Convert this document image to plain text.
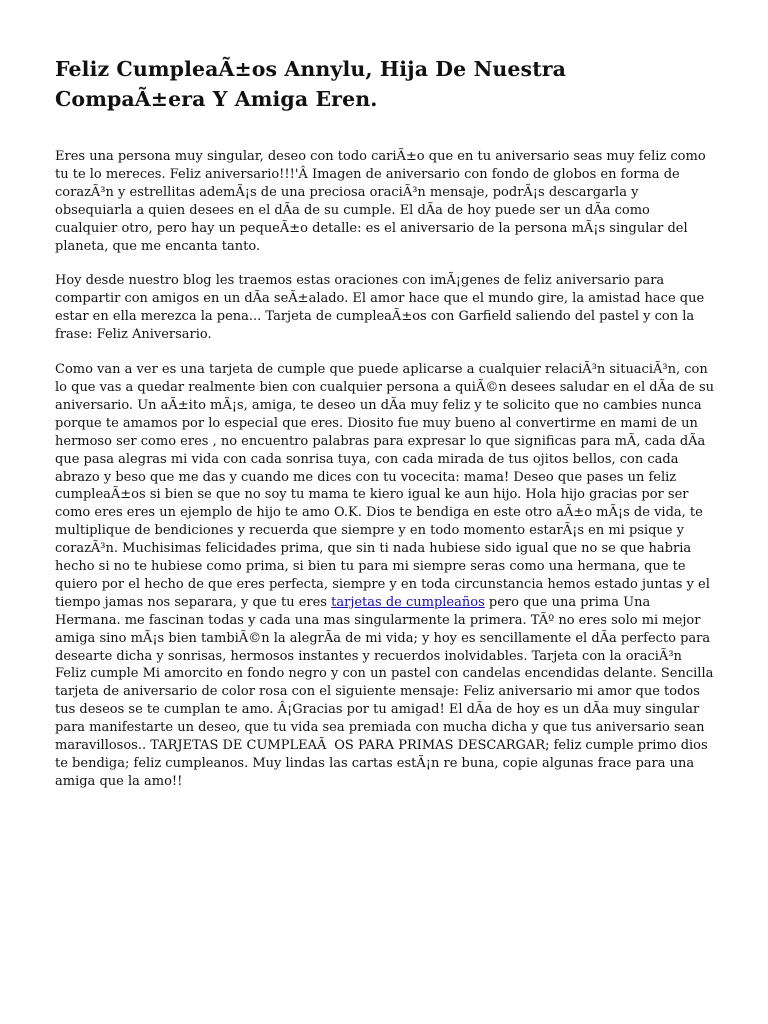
Feliz CumpleaÃ±os Annylu, Hija De Nuestra CompaÃ±era Y Amiga Eren.

Eres una persona muy singular, deseo con todo cariÃ±o que en tu aniversario seas muy feliz como tu te lo mereces. Feliz aniversario!!!'Â Imagen de aniversario con fondo de globos en forma de corazÃ³n y estrellitas ademÃ¡s de una preciosa oraciÃ³n mensaje, podrÃ¡s descargarla y obsequiarla a quien desees en el dÃa de su cumple. El dÃa de hoy puede ser un dÃa como cualquier otro, pero hay un pequeÃ±o detalle: es el aniversario de la persona mÃ¡s singular del planeta, que me encanta tanto.

Hoy desde nuestro blog les traemos estas oraciones con imÃ¡genes de feliz aniversario para compartir con amigos en un dÃa seÃ±alado. El amor hace que el mundo gire, la amistad hace que estar en ella merezca la pena... Tarjeta de cumpleaÃ±os con Garfield saliendo del pastel y con la frase: Feliz Aniversario.

Como van a ver es una tarjeta de cumple que puede aplicarse a cualquier relaciÃ³n situaciÃ³n, con lo que vas a quedar realmente bien con cualquier persona a quiÃ©n desees saludar en el dÃa de su aniversario. Un aÃ±ito mÃ¡s, amiga, te deseo un dÃa muy feliz y te solicito que no cambies nunca porque te amamos por lo especial que eres. Diosito fue muy bueno al convertirme en mami de un hermoso ser como eres , no encuentro palabras para expresar lo que significas para mÃ, cada dÃa que pasa alegras mi vida con cada sonrisa tuya, con cada mirada de tus ojitos bellos, con cada abrazo y beso que me das y cuando me dices con tu vocecita: mama! Deseo que pases un feliz cumpleaÃ±os si bien se que no soy tu mama te kiero igual ke aun hijo. Hola hijo gracias por ser como eres eres un ejemplo de hijo te amo O.K. Dios te bendiga en este otro aÃ±o mÃ¡s de vida, te multiplique de bendiciones y recuerda que siempre y en todo momento estarÃ¡s en mi psique y corazÃ³n. Muchisimas felicidades prima, que sin ti nada hubiese sido igual que no se que habria hecho si no te hubiese como prima, si bien tu para mi siempre seras como una hermana, que te quiero por el hecho de que eres perfecta, siempre y en toda circunstancia hemos estado juntas y el tiempo jamas nos separara, y que tu eres tarjetas de cumpleaños pero que una prima Una Hermana. me fascinan todas y cada una mas singularmente la primera. TÃº no eres solo mi mejor amiga sino mÃ¡s bien tambiÃ©n la alegrÃa de mi vida; y hoy es sencillamente el dÃa perfecto para desearte dicha y sonrisas, hermosos instantes y recuerdos inolvidables. Tarjeta con la oraciÃ³n Feliz cumple Mi amorcito en fondo negro y con un pastel con candelas encendidas delante. Sencilla tarjeta de aniversario de color rosa con el siguiente mensaje: Feliz aniversario mi amor que todos tus deseos se te cumplan te amo. Â¡Gracias por tu amigad! El dÃa de hoy es un dÃa muy singular para manifestarte un deseo, que tu vida sea premiada con mucha dicha y que tus aniversario sean maravillosos.. TARJETAS DE CUMPLEAÃOS PARA PRIMAS DESCARGAR; feliz cumple primo dios te bendiga; feliz cumpleanos. Muy lindas las cartas estÃ¡n re buna, copie algunas frace para una amiga que la amo!!
